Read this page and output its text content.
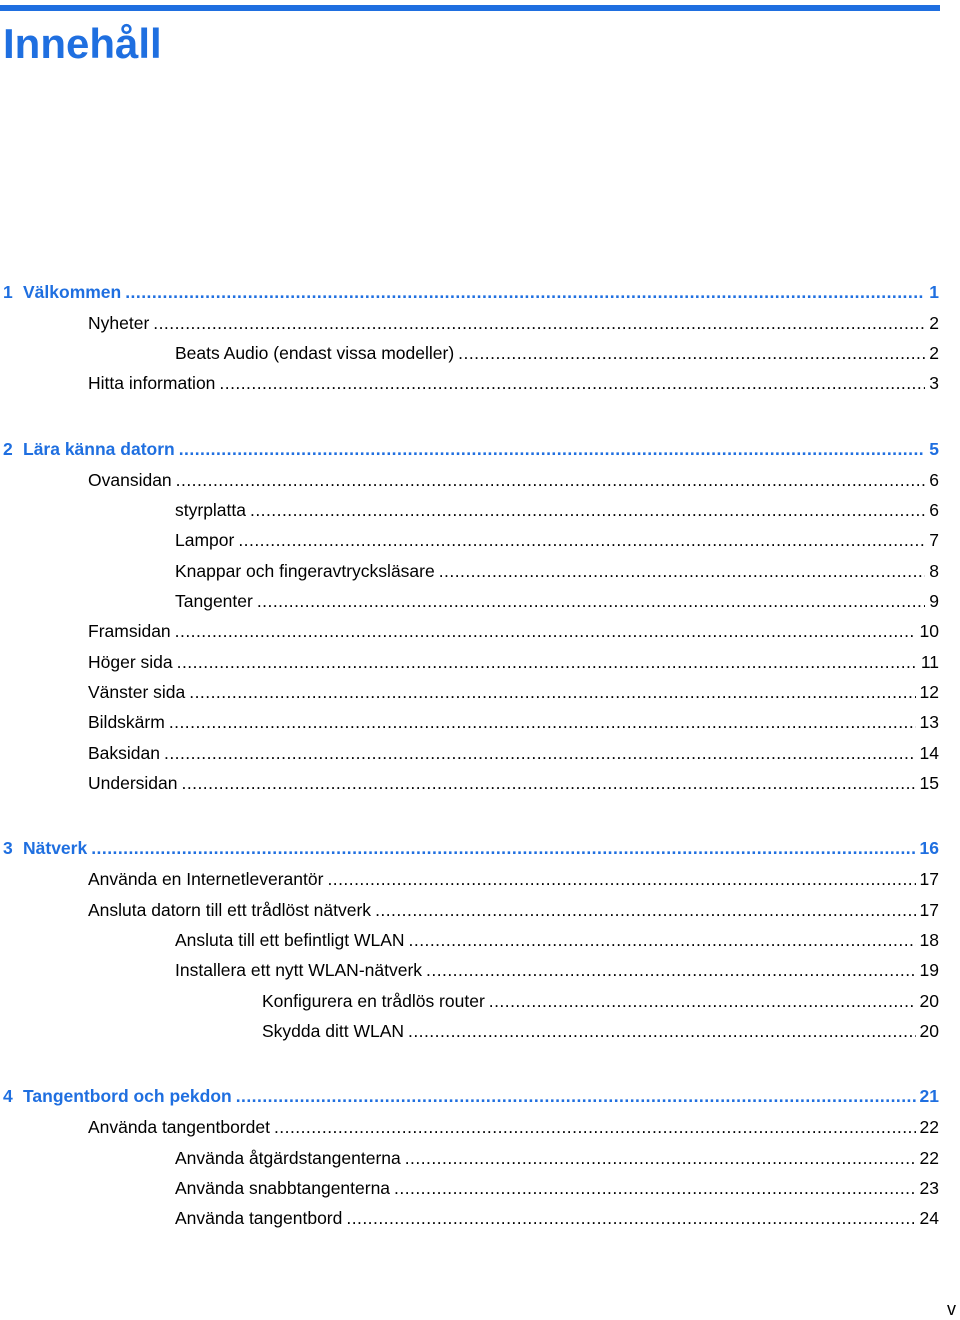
Innehåll
1 Välkommen . . .	1
Nyheter . . .	2
Beats Audio (endast vissa modeller) . . .	2
Hitta information . . .	3
2 Lära känna datorn . . .	5
Ovansidan . . .	6
styrplatta . . .	6
Lampor . . .	7
Knappar och fingeravtrycksläsare . . .	8
Tangenter . . .	9
Framsidan . . .	10
Höger sida . . .	11
Vänster sida . . .	12
Bildskärm . . .	13
Baksidan . . .	14
Undersidan . . .	15
3 Nätverk . . .	16
Använda en Internetleverantör . . .	17
Ansluta datorn till ett trådlöst nätverk . . .	17
Ansluta till ett befintligt WLAN . . .	18
Installera ett nytt WLAN-nätverk . . .	19
Konfigurera en trådlös router . . .	20
Skydda ditt WLAN . . .	20
4 Tangentbord och pekdon . . .	21
Använda tangentbordet . . .	22
Använda åtgärdstangenterna . . .	22
Använda snabbtangenterna . . .	23
Använda tangentbord . . .	24
v
